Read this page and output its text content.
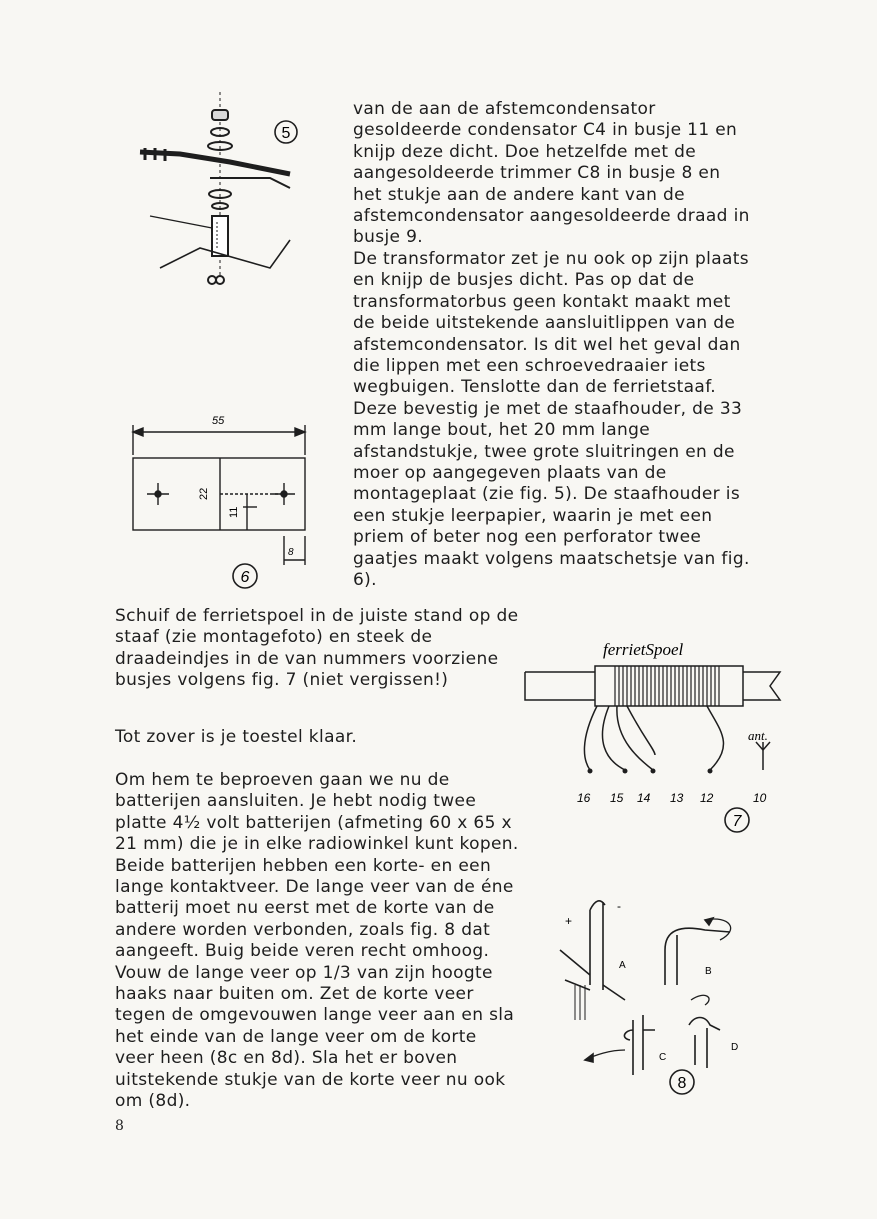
5
55
22
11
8
6
ferrietSpoel
ant.
16 15 14 13 12	10
7
+
-
A
B
C
D
8

van de aan de afstemcondensator gesoldeerde condensator C4 in busje 11 en knijp deze dicht. Doe hetzelfde met de aangesoldeerde trimmer C8 in busje 8 en het stukje aan de andere kant van de afstemcondensator aangesoldeerde draad in busje 9.

De transformator zet je nu ook op zijn plaats en knijp de busjes dicht. Pas op dat de transformatorbus geen kontakt maakt met de beide uitstekende aansluitlippen van de afstemcondensator. Is dit wel het geval dan die lippen met een schroevedraaier iets wegbuigen. Tenslotte dan de ferrietstaaf. Deze bevestig je met de staafhouder, de 33 mm lange bout, het 20 mm lange afstandstukje, twee grote sluitringen en de moer op aangegeven plaats van de montageplaat (zie fig. 5). De staafhouder is een stukje leerpapier, waarin je met een priem of beter nog een perforator twee gaatjes maakt volgens maatschetsje van fig. 6).

Schuif de ferrietspoel in de juiste stand op de staaf (zie montagefoto) en steek de draadeindjes in de van nummers voorziene busjes volgens fig. 7 (niet vergissen!)

Tot zover is je toestel klaar.

Om hem te beproeven gaan we nu de batterijen aansluiten. Je hebt nodig twee platte 4½ volt batterijen (afmeting 60 x 65 x 21 mm) die je in elke radiowinkel kunt kopen. Beide batterijen hebben een korte- en een lange kontaktveer. De lange veer van de éne batterij moet nu eerst met de korte van de andere worden verbonden, zoals fig. 8 dat aangeeft. Buig beide veren recht omhoog. Vouw de lange veer op 1/3 van zijn hoogte haaks naar buiten om. Zet de korte veer tegen de omgevouwen lange veer aan en sla het einde van de lange veer om de korte veer heen (8c en 8d). Sla het er boven uitstekende stukje van de korte veer nu ook om (8d).

8
